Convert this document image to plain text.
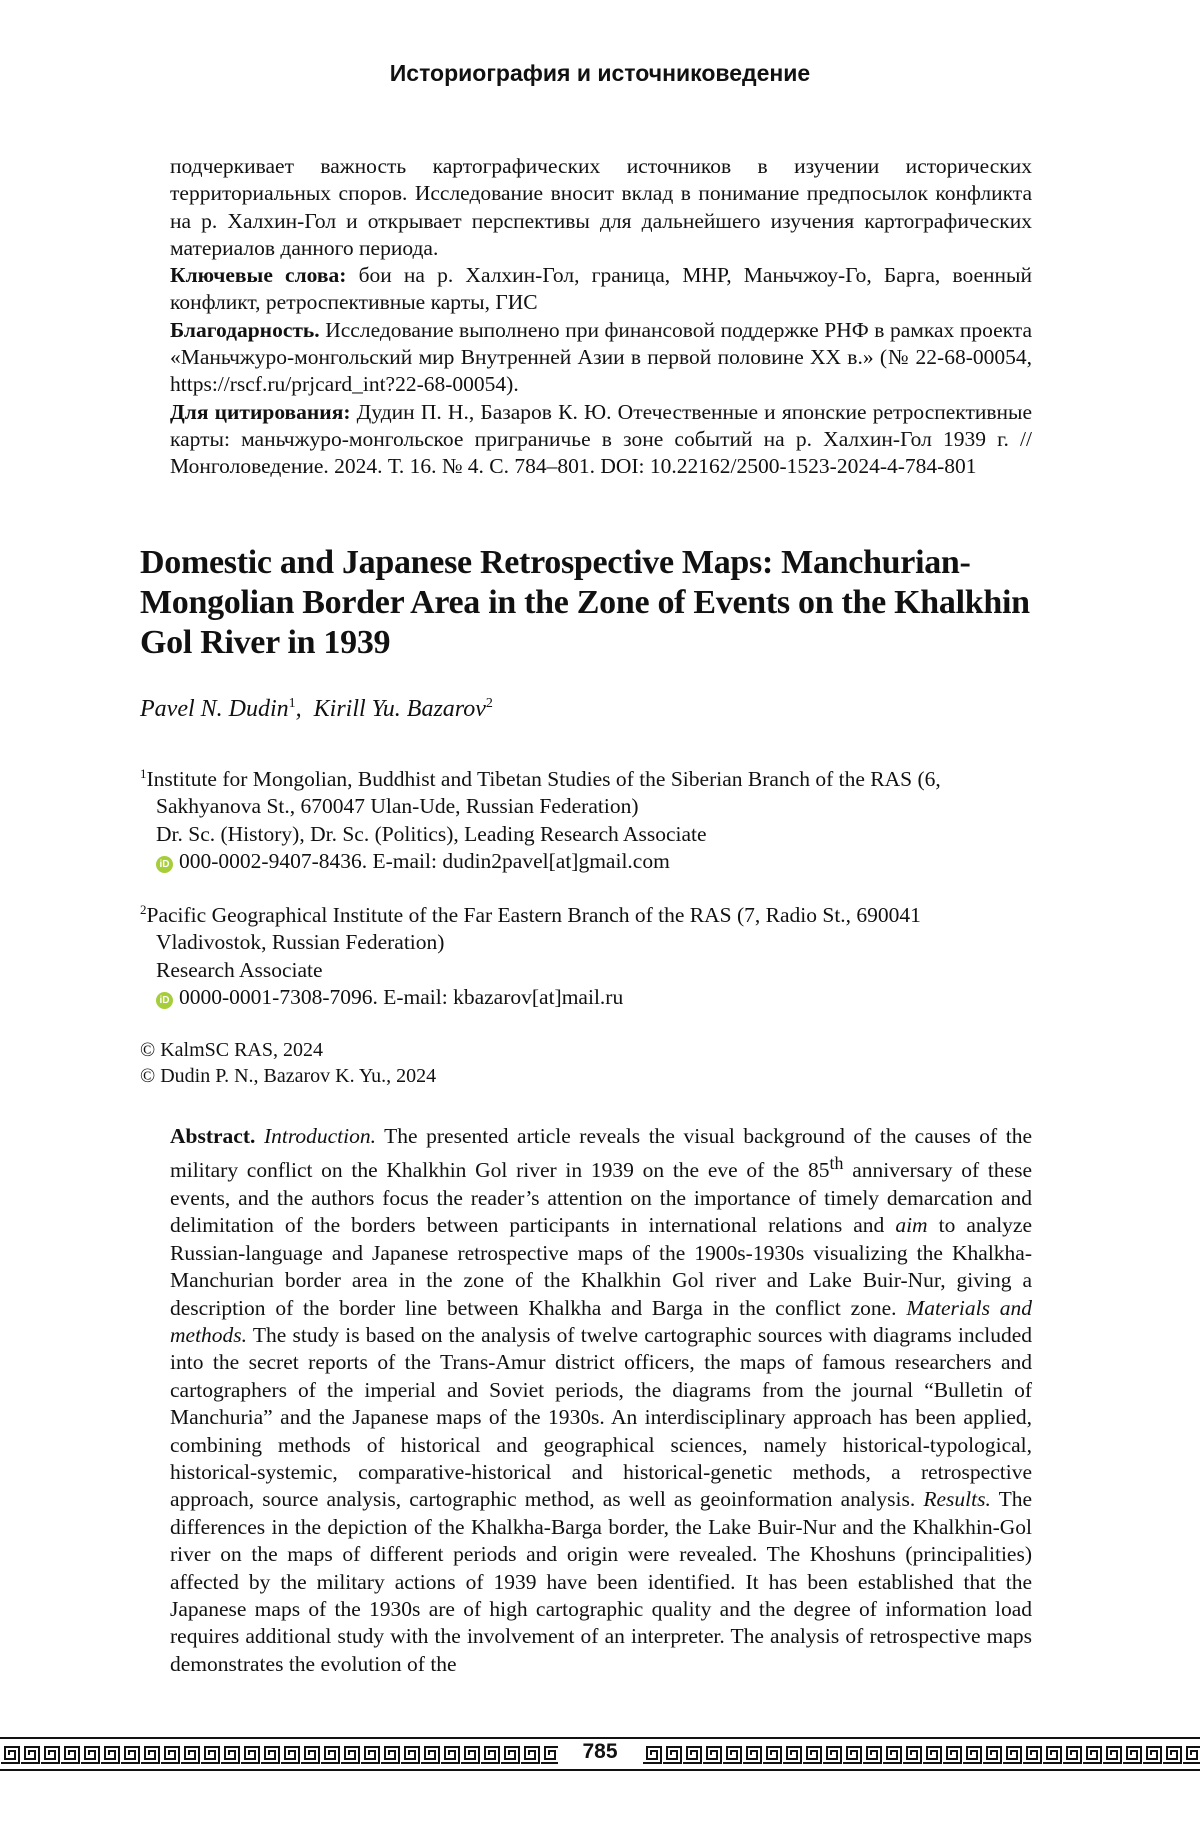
Историография и источниковедение

подчеркивает важность картографических источников в изучении исторических территориальных споров. Исследование вносит вклад в понимание предпосылок конфликта на р. Халхин-Гол и открывает перспективы для дальнейшего изучения картографических материалов данного периода.

Ключевые слова: бои на р. Халхин-Гол, граница, МНР, Маньчжоу-Го, Барга, военный конфликт, ретроспективные карты, ГИС

Благодарность. Исследование выполнено при финансовой поддержке РНФ в рамках проекта «Маньчжуро-монгольский мир Внутренней Азии в первой половине XX в.» (№ 22-68-00054, https://rscf.ru/prjcard_int?22-68-00054).

Для цитирования: Дудин П. Н., Базаров К. Ю. Отечественные и японские ретроспективные карты: маньчжуро-монгольское приграничье в зоне событий на р. Халхин-Гол 1939 г. // Монголоведение. 2024. Т. 16. № 4. С. 784–801. DOI: 10.22162/2500-1523-2024-4-784-801

Domestic and Japanese Retrospective Maps: Manchurian-Mongolian Border Area in the Zone of Events on the Khalkhin Gol River in 1939
Pavel N. Dudin$^1$,  Kirill Yu. Bazarov$^2$
$^1$Institute for Mongolian, Buddhist and Tibetan Studies of the Siberian Branch of the RAS (6,
Sakhyanova St., 670047 Ulan-Ude, Russian Federation)
Dr. Sc. (History), Dr. Sc. (Politics), Leading Research Associate
iD 000-0002-9407-8436. E-mail: dudin2pavel[at]gmail.com
$^2$Pacific Geographical Institute of the Far Eastern Branch of the RAS (7, Radio St., 690041
Vladivostok, Russian Federation)
Research Associate
iD 0000-0001-7308-7096. E-mail: kbazarov[at]mail.ru
© KalmSC RAS, 2024
© Dudin P. N., Bazarov K. Yu., 2024
Abstract. Introduction. The presented article reveals the visual background of the causes of the military conflict on the Khalkhin Gol river in 1939 on the eve of the 85th anniversary of these events, and the authors focus the reader’s attention on the importance of timely demarcation and delimitation of the borders between participants in international relations and aim to analyze Russian-language and Japanese retrospective maps of the 1900s-1930s visualizing the Khalkha-Manchurian border area in the zone of the Khalkhin Gol river and Lake Buir-Nur, giving a description of the border line between Khalkha and Barga in the conflict zone. Materials and methods. The study is based on the analysis of twelve cartographic sources with diagrams included into the secret reports of the Trans-Amur district officers, the maps of famous researchers and cartographers of the imperial and Soviet periods, the diagrams from the journal “Bulletin of Manchuria” and the Japanese maps of the 1930s. An interdisciplinary approach has been applied, combining methods of historical and geographical sciences, namely historical-typological, historical-systemic, comparative-historical and historical-genetic methods, a retrospective approach, source analysis, cartographic method, as well as geoinformation analysis. Results. The differences in the depiction of the Khalkha-Barga border, the Lake Buir-Nur and the Khalkhin-Gol river on the maps of different periods and origin were revealed. The Khoshuns (principalities) affected by the military actions of 1939 have been identified. It has been established that the Japanese maps of the 1930s are of high cartographic quality and the degree of information load requires additional study with the involvement of an interpreter. The analysis of retrospective maps demonstrates the evolution of the
785
